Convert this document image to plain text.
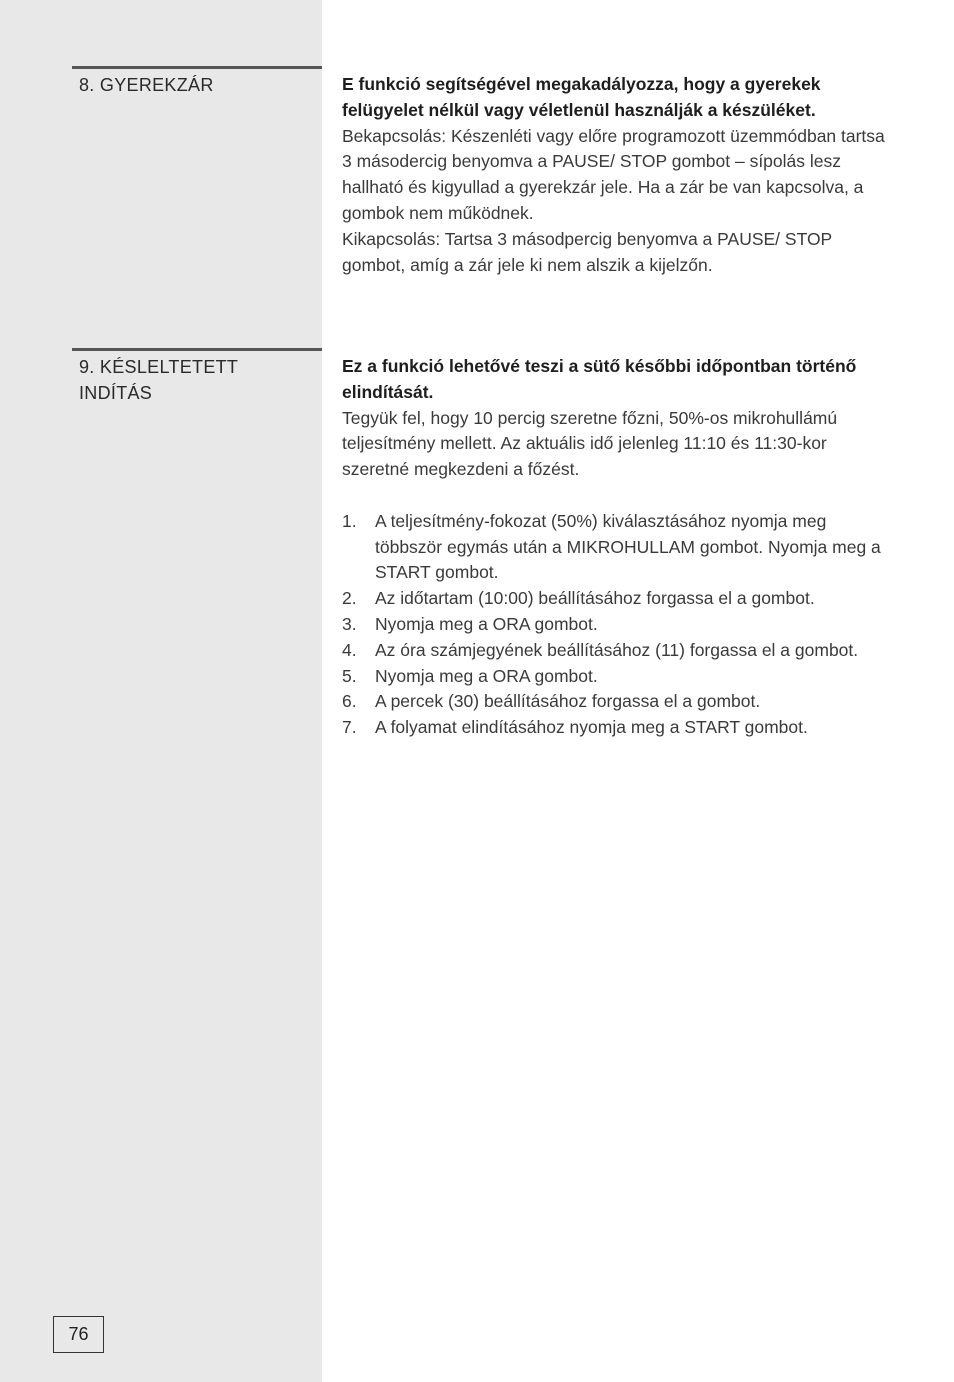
8. GYEREKZÁR	E funkció segítségével megakadályozza, hogy a gyerekek felügyelet nélkül vagy véletlenül használják a készüléket.

Bekapcsolás: Készenléti vagy előre programozott üzemmódban tartsa 3 másodercig benyomva a PAUSE/ STOP gombot – sípolás lesz hallható és kigyullad a gyerekzár jele. Ha a zár be van kapcsolva, a gombok nem működnek.

Kikapcsolás: Tartsa 3 másodpercig benyomva a PAUSE/ STOP gombot, amíg a zár jele ki nem alszik a kijelzőn.

9. KÉSLELTETETT
INDÍTÁS

Ez a funkció lehetővé teszi a sütő későbbi időpontban történő elindítását.

Tegyük fel, hogy 10 percig szeretne főzni, 50%-os mikrohullámú teljesítmény mellett. Az aktuális idő jelenleg 11:10 és 11:30-kor szeretné megkezdeni a főzést.

1. A teljesítmény-fokozat (50%) kiválasztásához nyomja meg többször egymás után a MIKROHULLAM gombot. Nyomja meg a START gombot.
2. Az időtartam (10:00) beállításához forgassa el a gombot.
3. Nyomja meg a ORA gombot.
4. Az óra számjegyének beállításához (11) forgassa el a gombot.
5. Nyomja meg a ORA gombot.
6. A percek (30) beállításához forgassa el a gombot.
7. A folyamat elindításához nyomja meg a START gombot.
76
